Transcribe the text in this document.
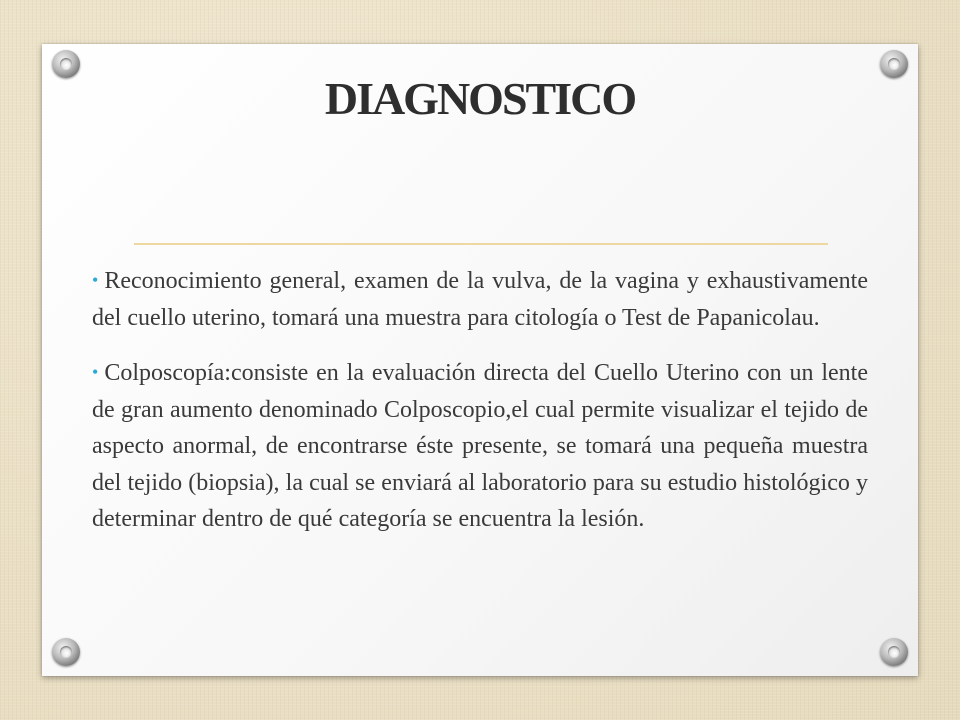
DIAGNOSTICO

• Reconocimiento general, examen de la vulva, de la vagina y exhaustivamente del cuello uterino, tomará una muestra para citología o Test de Papanicolau.

• Colposcopía:consiste en la evaluación directa del Cuello Uterino con un lente de gran aumento denominado Colposcopio,el cual permite visualizar el tejido de aspecto anormal, de encontrarse éste presente, se tomará una pequeña muestra del tejido (biopsia), la cual se enviará al laboratorio para su estudio histológico y determinar dentro de qué categoría se encuentra la lesión.
